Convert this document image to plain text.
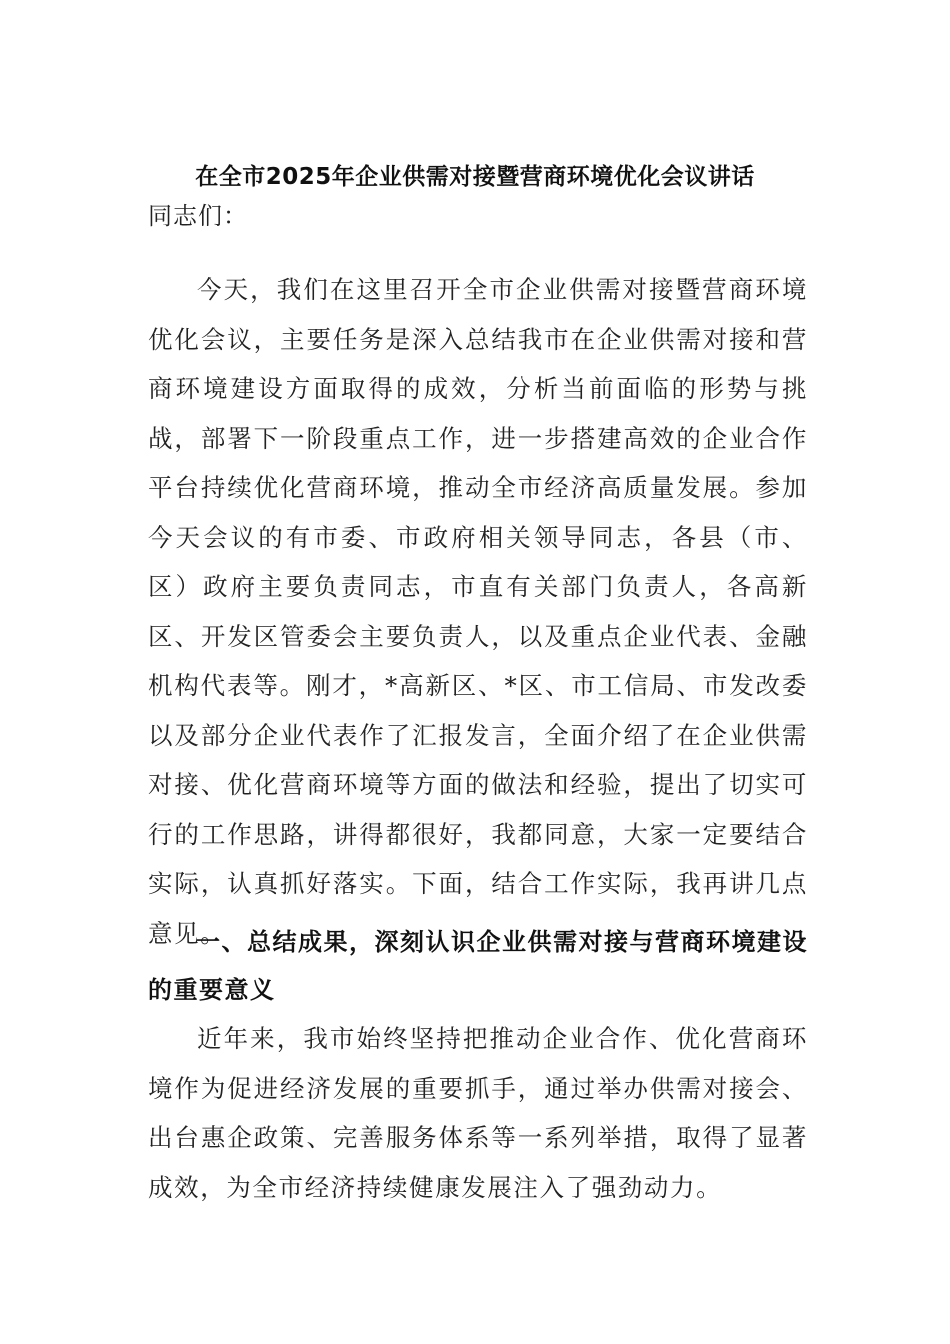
在全市2025年企业供需对接暨营商环境优化会议讲话
同志们：

今天，我们在这里召开全市企业供需对接暨营商环境优化会议，主要任务是深入总结我市在企业供需对接和营商环境建设方面取得的成效，分析当前面临的形势与挑战，部署下一阶段重点工作，进一步搭建高效的企业合作平台持续优化营商环境，推动全市经济高质量发展。参加今天会议的有市委、市政府相关领导同志，各县（市、区）政府主要负责同志，市直有关部门负责人，各高新区、开发区管委会主要负责人，以及重点企业代表、金融机构代表等。刚才，*高新区、*区、市工信局、市发改委以及部分企业代表作了汇报发言，全面介绍了在企业供需对接、优化营商环境等方面的做法和经验，提出了切实可行的工作思路，讲得都很好，我都同意，大家一定要结合实际，认真抓好落实。下面，结合工作实际，我再讲几点意见。

一、总结成果，深刻认识企业供需对接与营商环境建设的重要意义

近年来，我市始终坚持把推动企业合作、优化营商环境作为促进经济发展的重要抓手，通过举办供需对接会、出台惠企政策、完善服务体系等一系列举措，取得了显著成效，为全市经济持续健康发展注入了强劲动力。
